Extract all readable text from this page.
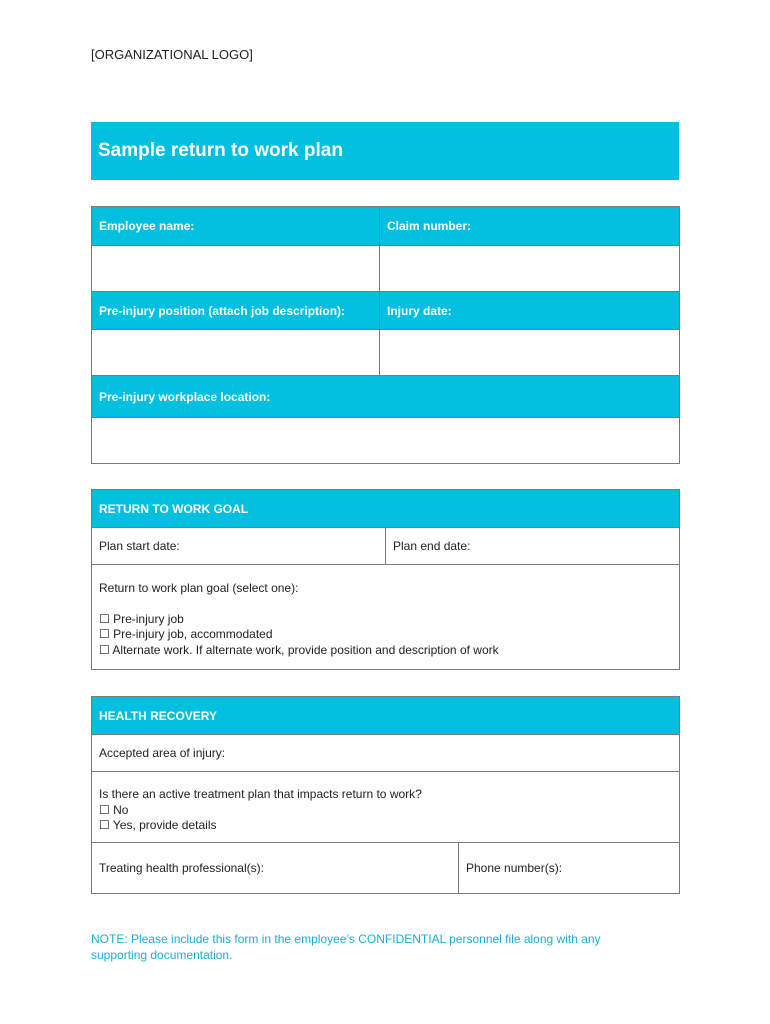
[ORGANIZATIONAL LOGO]
Sample return to work plan
Employee name:	Claim number:

Pre-injury position (attach job description):	Injury date:

Pre-injury workplace location:	

RETURN TO WORK GOAL
Plan start date:	Plan end date:

Return to work plan goal (select one):
☐ Pre-injury job
☐ Pre-injury job, accommodated
☐ Alternate work. If alternate work, provide position and description of work
HEALTH RECOVERY
Accepted area of injury:

Is there an active treatment plan that impacts return to work?
☐ No
☐ Yes, provide details

Treating health professional(s):	Phone number(s):
NOTE: Please include this form in the employee’s CONFIDENTIAL personnel file along with any supporting documentation.
